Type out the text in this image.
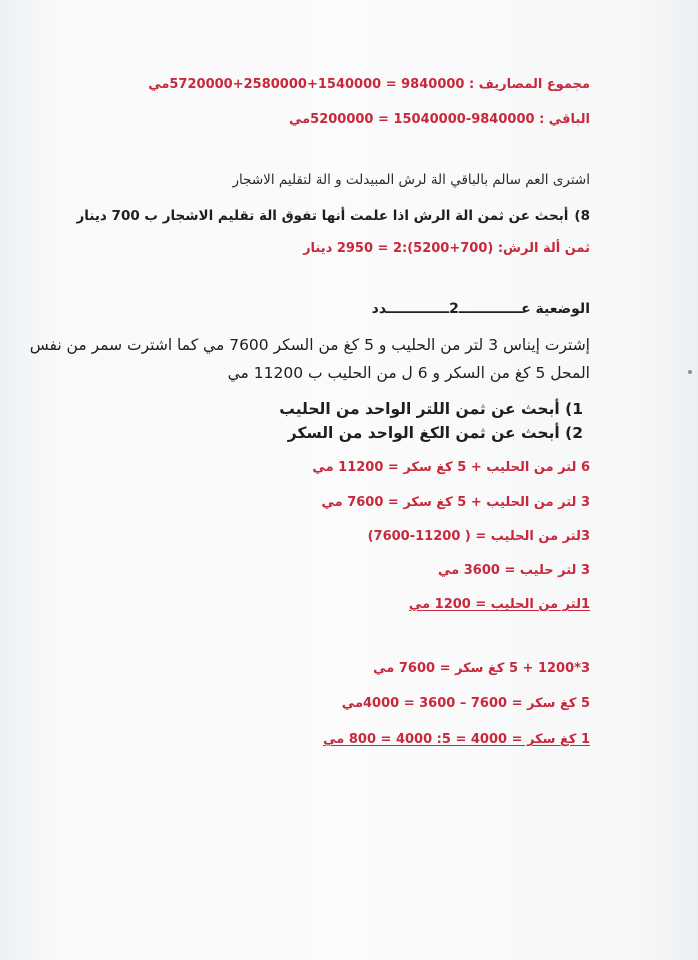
مجموع المصاريف : 9840000 = 1540000+2580000+5720000مي
الباقي : 9840000-15040000 = 5200000مي
اشترى العم سالم بالباقي الة لرش المبيدلت و الة لتقليم الاشجار
8)أبحث عن ثمن الة الرش اذا علمت أنها تفوق الة تقليم الاشجار ب 700 دينار
ثمن ألة الرش: (700+5200):2 = 2950 دينار
الوضعية عـــــــــــــ2ـــــــــــــدد
إشترت إيناس 3 لتر من الحليب و 5 كغ من السكر 7600 مي كما اشترت سمر من نفس
المحل 5 كغ من السكر و 6 ل من الحليب ب 11200 مي
1) أبحث عن ثمن اللتر الواحد من الحليب
2) أبحث عن ثمن الكغ الواحد من السكر
6 لتر من الحليب + 5 كغ سكر = 11200 مي
3 لتر من الحليب + 5 كغ سكر = 7600 مي
3لتر من الحليب = ( 11200-7600)
3 لتر حليب = 3600 مي
1لتر من الحليب = 1200 مي
3*1200 + 5 كغ سكر = 7600 مي
5 كغ سكر = 7600 – 3600 = 4000مي
1 كغ سكر = 4000 = 5: 4000 = 800 مي
